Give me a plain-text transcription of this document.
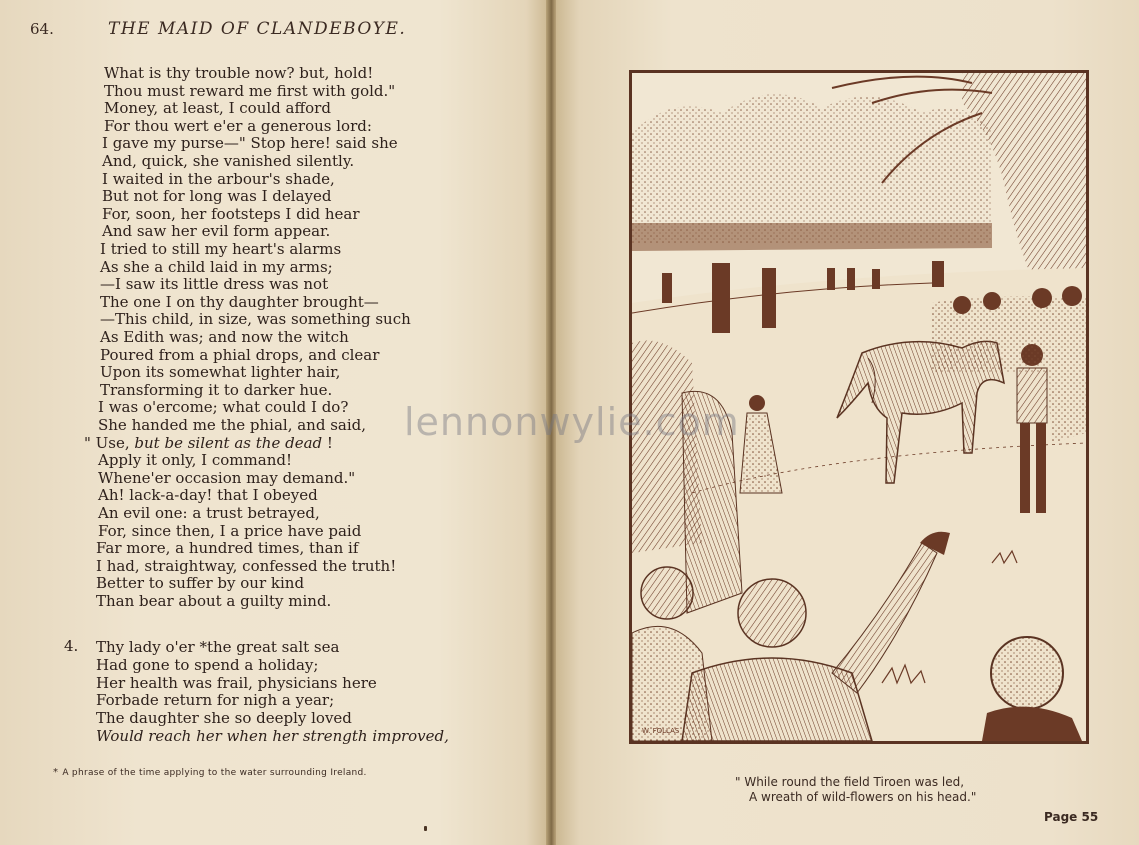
64.	THE MAID OF CLANDEBOYE.
4.
* A phrase of the time applying to the water surrounding Ireland.
W. FOLLAS
" While round the field Tiroen was led,
A wreath of wild-flowers on his head."
Page 55
lennonwylie.com
What is thy trouble now? but, hold!
Thou must reward me first with gold."
Money, at least, I could afford
For thou wert e'er a generous lord:
I gave my purse—" Stop here! said she
And, quick, she vanished silently.
I waited in the arbour's shade,
But not for long was I delayed
For, soon, her footsteps I did hear
And saw her evil form appear.
I tried to still my heart's alarms
As she a child laid in my arms;
—I saw its little dress was not
The one I on thy daughter brought—
—This child, in size, was something such
As Edith was; and now the witch
Poured from a phial drops, and clear
Upon its somewhat lighter hair,
Transforming it to darker hue.
I was o'ercome; what could I do?
She handed me the phial, and said,
" Use, but be silent as the dead !
Apply it only, I command!
Whene'er occasion may demand."
Ah! lack-a-day! that I obeyed
An evil one: a trust betrayed,
For, since then, I a price have paid
Far more, a hundred times, than if
I had, straightway, confessed the truth!
Better to suffer by our kind
Than bear about a guilty mind.
Thy lady o'er *the great salt sea
Had gone to spend a holiday;
Her health was frail, physicians here
Forbade return for nigh a year;
The daughter she so deeply loved
Would reach her when her strength improved,
